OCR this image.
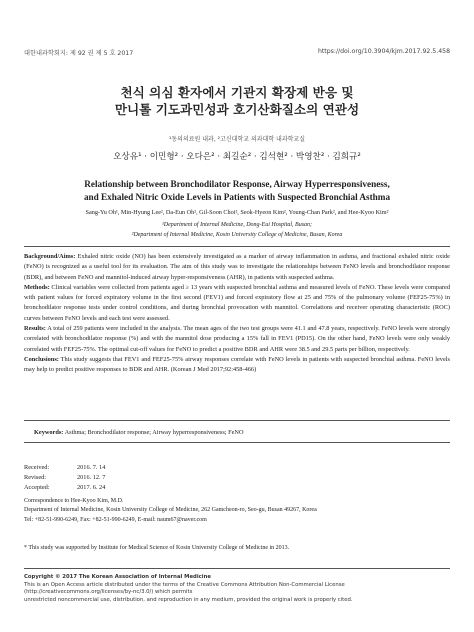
대한내과학회지: 제 92 권 제 5 호 2017	https://doi.org/10.3904/kjm.2017.92.5.458
천식 의심 환자에서 기관지 확장제 반응 및
만니톨 기도과민성과 호기산화질소의 연관성
¹동의의료원 내과, ²고신대학교 의과대학 내과학교실
오상유¹ · 이민형² · 오다은² · 최길순² · 김석현² · 박영찬² · 김희규²
Relationship between Bronchodilator Response, Airway Hyperresponsiveness,
and Exhaled Nitric Oxide Levels in Patients with Suspected Bronchial Asthma
Sang-Yu Oh¹, Min-Hyung Lee², Da-Eun Oh², Gil-Soon Choi², Seok-Hyeon Kim², Young-Chan Park², and Hee-Kyoo Kim²
¹Department of Internal Medicine, Dong-Eui Hospital, Busan;
²Department of Internal Medicine, Kosin University College of Medicine, Busan, Korea

Background/Aims: Exhaled nitric oxide (NO) has been extensively investigated as a marker of airway inflammation in asthma, and fractional exhaled nitric oxide (FeNO) is recognized as a useful tool for its evaluation. The aim of this study was to investigate the relationships between FeNO levels and bronchodilator response (BDR), and between FeNO and mannitol-induced airway hyper-responsiveness (AHR), in patients with suspected asthma.

Methods: Clinical variables were collected from patients aged ≥ 13 years with suspected bronchial asthma and measured levels of FeNO. These levels were compared with patient values for forced expiratory volume in the first second (FEV1) and forced expiratory flow at 25 and 75% of the pulmonary volume (FEF25-75%) in bronchodilator response tests under control conditions, and during bronchial provocation with mannitol. Correlations and receiver operating characteristic (ROC) curves between FeNO levels and each test were assessed.

Results: A total of 259 patients were included in the analysis. The mean ages of the two test groups were 41.1 and 47.8 years, respectively. FeNO levels were strongly correlated with bronchodilator response (%) and with the mannitol dose producing a 15% fall in FEV1 (PD15). On the other hand, FeNO levels were only weakly correlated with FEF25-75%. The optimal cut-off values for FeNO to predict a positive BDR and AHR were 38.5 and 29.5 parts per billion, respectively.

Conclusions: This study suggests that FEV1 and FEF25-75% airway responses correlate with FeNO levels in patients with suspected bronchial asthma. FeNO levels may help to predict positive responses to BDR and AHR. (Korean J Med 2017;92:458-466)

Keywords: Asthma; Bronchodilator response; Airway hyperresponsiveness; FeNO
Received:	2016. 7. 14
Revised:	2016. 12. 7
Accepted:	2017. 6. 24
Correspondence to Hee-Kyoo Kim, M.D.
Department of Internal Medicine, Kosin University College of Medicine, 262 Gamcheon-ro, Seo-gu, Busan 49267, Korea
Tel: +82-51-990-6249, Fax: +82-51-990-6249, E-mail: naum67@naver.com
* This study was supported by Institute for Medical Science of Kosin University College of Medicine in 2013.
Copyright © 2017 The Korean Association of Internal Medicine
This is an Open Access article distributed under the terms of the Creative Commons Attribution Non-Commercial License (http://creativecommons.org/licenses/by-nc/3.0/) which permits
unrestricted noncommercial use, distribution, and reproduction in any medium, provided the original work is properly cited.
